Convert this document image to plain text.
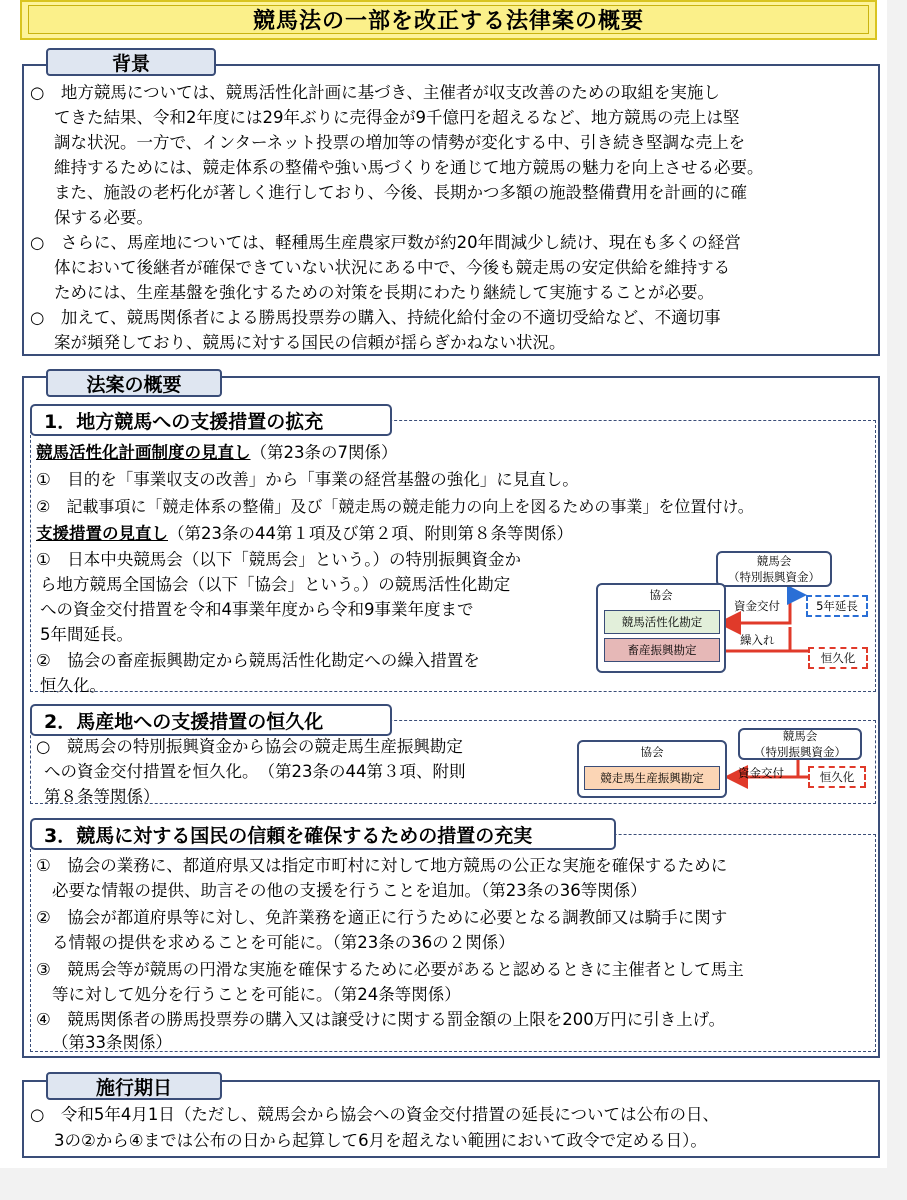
競馬法の一部を改正する法律案の概要
背景
○　地方競馬については、競馬活性化計画に基づき、主催者が収支改善のための取組を実施し
てきた結果、令和2年度には29年ぶりに売得金が9千億円を超えるなど、地方競馬の売上は堅
調な状況。一方で、インターネット投票の増加等の情勢が変化する中、引き続き堅調な売上を
維持するためには、競走体系の整備や強い馬づくりを通じて地方競馬の魅力を向上させる必要。
また、施設の老朽化が著しく進行しており、今後、長期かつ多額の施設整備費用を計画的に確
保する必要。
○　さらに、馬産地については、軽種馬生産農家戸数が約20年間減少し続け、現在も多くの経営
体において後継者が確保できていない状況にある中で、今後も競走馬の安定供給を維持する
ためには、生産基盤を強化するための対策を長期にわたり継続して実施することが必要。
○　加えて、競馬関係者による勝馬投票券の購入、持続化給付金の不適切受給など、不適切事
案が頻発しており、競馬に対する国民の信頼が揺らぎかねない状況。
法案の概要
1．地方競馬への支援措置の拡充
競馬活性化計画制度の見直し（第23条の7関係）
①　目的を「事業収支の改善」から「事業の経営基盤の強化」に見直し。
②　記載事項に「競走体系の整備」及び「競走馬の競走能力の向上を図るための事業」を位置付け。
支援措置の見直し（第23条の44第１項及び第２項、附則第８条等関係）
①　日本中央競馬会（以下「競馬会」という。）の特別振興資金か
ら地方競馬全国協会（以下「協会」という。）の競馬活性化勘定
への資金交付措置を令和4事業年度から令和9事業年度まで
5年間延長。
②　協会の畜産振興勘定から競馬活性化勘定への繰入措置を
恒久化。
競馬会
（特別振興資金）
協会
競馬活性化勘定
畜産振興勘定
資金交付	5年延長
繰入れ
恒久化
2．馬産地への支援措置の恒久化
○　競馬会の特別振興資金から協会の競走馬生産振興勘定
への資金交付措置を恒久化。　（第23条の44第３項、附則
第８条等関係）
競馬会
（特別振興資金）
協会
競走馬生産振興勘定	資金交付	恒久化
3．競馬に対する国民の信頼を確保するための措置の充実
①　協会の業務に、都道府県又は指定市町村に対して地方競馬の公正な実施を確保するために
必要な情報の提供、助言その他の支援を行うことを追加。（第23条の36等関係）
②　協会が都道府県等に対し、免許業務を適正に行うために必要となる調教師又は騎手に関す
る情報の提供を求めることを可能に。（第23条の36の２関係）
③　競馬会等が競馬の円滑な実施を確保するために必要があると認めるときに主催者として馬主
等に対して処分を行うことを可能に。（第24条等関係）
④　競馬関係者の勝馬投票券の購入又は譲受けに関する罰金額の上限を200万円に引き上げ。
（第33条関係）
施行期日
○　令和5年4月1日（ただし、競馬会から協会への資金交付措置の延長については公布の日、
3の②から④までは公布の日から起算して6月を超えない範囲において政令で定める日）。
